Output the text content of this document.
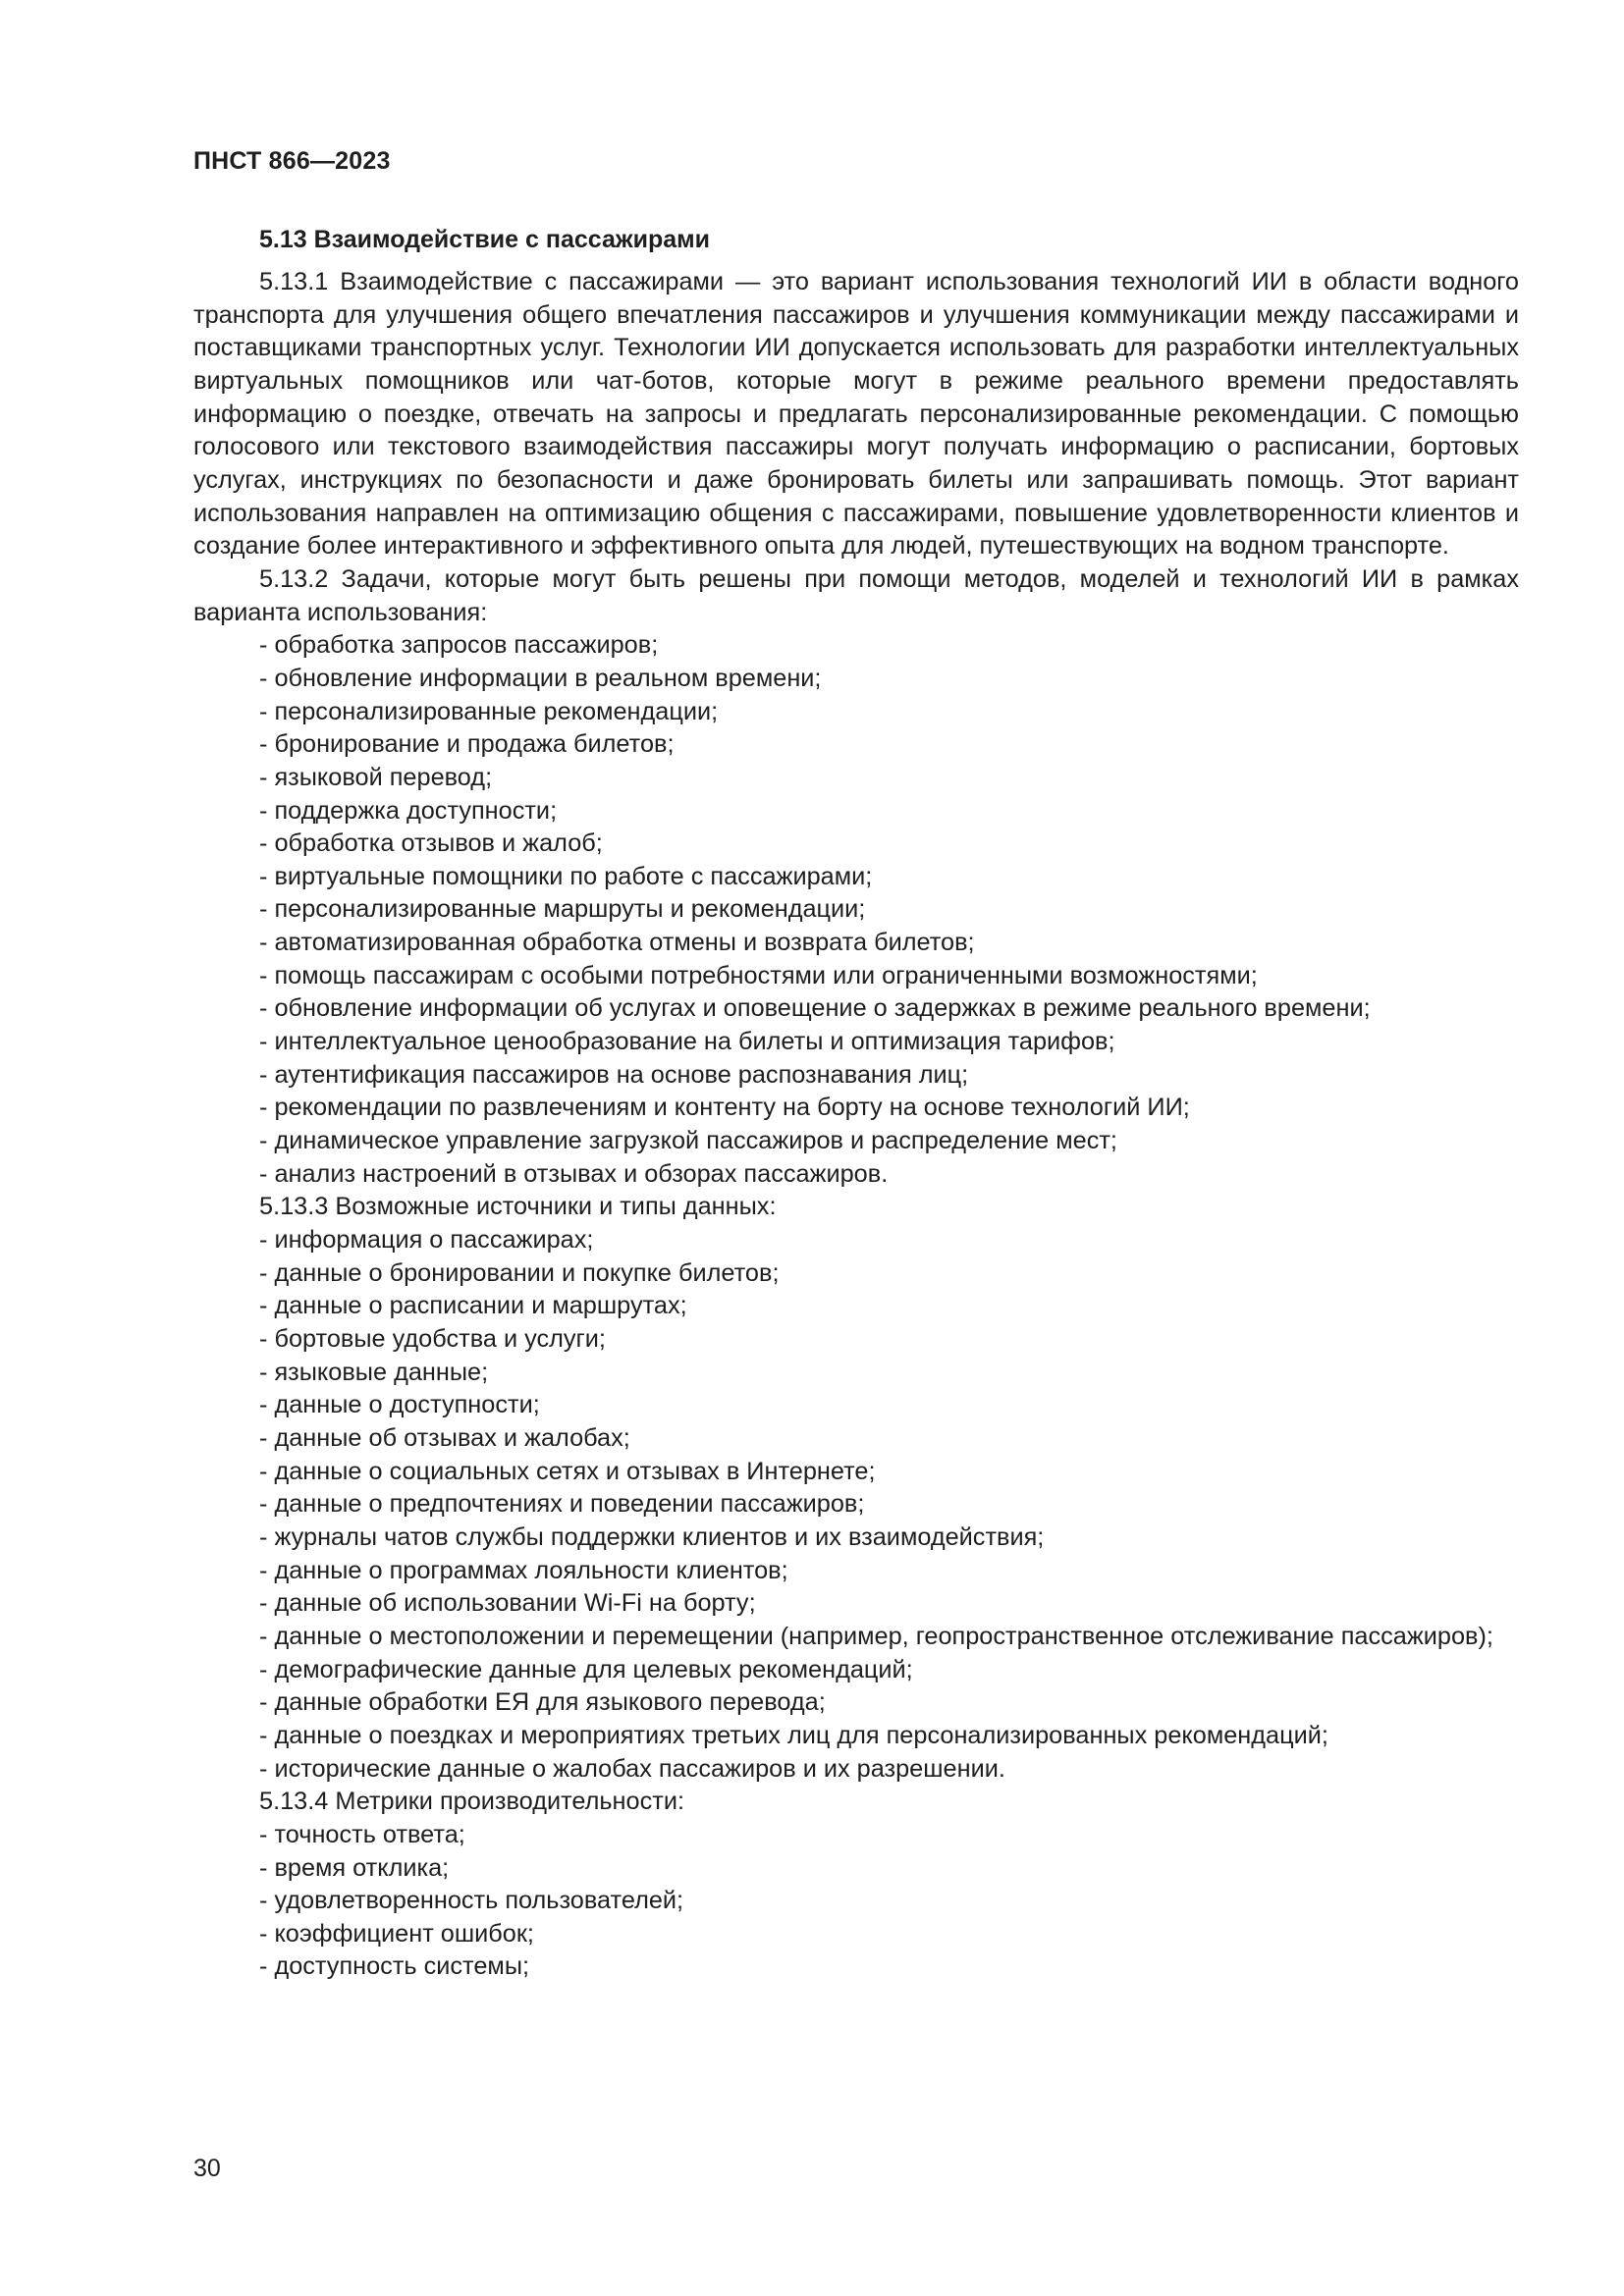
ПНСТ 866—2023
5.13 Взаимодействие с пассажирами

5.13.1 Взаимодействие с пассажирами — это вариант использования технологий ИИ в области водного транспорта для улучшения общего впечатления пассажиров и улучшения коммуникации между пассажирами и поставщиками транспортных услуг. Технологии ИИ допускается использовать для разработки интеллектуальных виртуальных помощников или чат-ботов, которые могут в режиме реального времени предоставлять информацию о поездке, отвечать на запросы и предлагать персонализированные рекомендации. С помощью голосового или текстового взаимодействия пассажиры могут получать информацию о расписании, бортовых услугах, инструкциях по безопасности и даже бронировать билеты или запрашивать помощь. Этот вариант использования направлен на оптимизацию общения с пассажирами, повышение удовлетворенности клиентов и создание более интерактивного и эффективного опыта для людей, путешествующих на водном транспорте.

5.13.2 Задачи, которые могут быть решены при помощи методов, моделей и технологий ИИ в рамках варианта использования:

- обработка запросов пассажиров;

- обновление информации в реальном времени;

- персонализированные рекомендации;

- бронирование и продажа билетов;

- языковой перевод;

- поддержка доступности;

- обработка отзывов и жалоб;

- виртуальные помощники по работе с пассажирами;

- персонализированные маршруты и рекомендации;

- автоматизированная обработка отмены и возврата билетов;

- помощь пассажирам с особыми потребностями или ограниченными возможностями;

- обновление информации об услугах и оповещение о задержках в режиме реального времени;

- интеллектуальное ценообразование на билеты и оптимизация тарифов;

- аутентификация пассажиров на основе распознавания лиц;

- рекомендации по развлечениям и контенту на борту на основе технологий ИИ;

- динамическое управление загрузкой пассажиров и распределение мест;

- анализ настроений в отзывах и обзорах пассажиров.

5.13.3 Возможные источники и типы данных:

- информация о пассажирах;

- данные о бронировании и покупке билетов;

- данные о расписании и маршрутах;

- бортовые удобства и услуги;

- языковые данные;

- данные о доступности;

- данные об отзывах и жалобах;

- данные о социальных сетях и отзывах в Интернете;

- данные о предпочтениях и поведении пассажиров;

- журналы чатов службы поддержки клиентов и их взаимодействия;

- данные о программах лояльности клиентов;

- данные об использовании Wi-Fi на борту;

- данные о местоположении и перемещении (например, геопространственное отслеживание пассажиров);

- демографические данные для целевых рекомендаций;

- данные обработки ЕЯ для языкового перевода;

- данные о поездках и мероприятиях третьих лиц для персонализированных рекомендаций;

- исторические данные о жалобах пассажиров и их разрешении.

5.13.4 Метрики производительности:

- точность ответа;

- время отклика;

- удовлетворенность пользователей;

- коэффициент ошибок;

- доступность системы;

30
